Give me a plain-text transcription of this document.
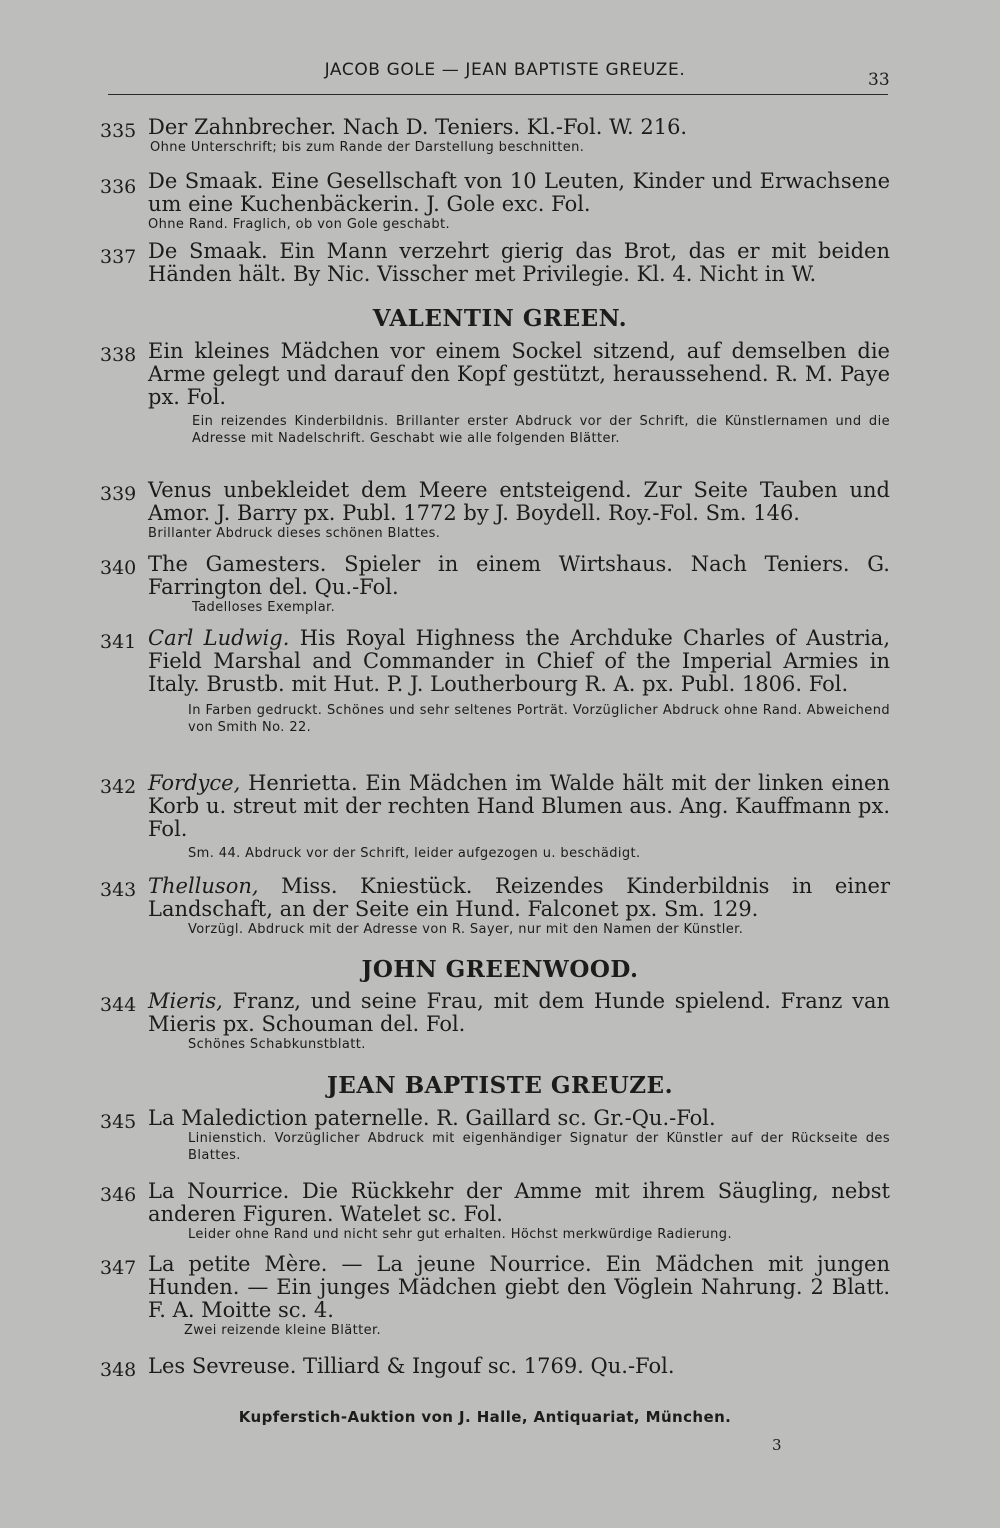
JACOB GOLE — JEAN BAPTISTE GREUZE.	33
335 Der Zahnbrecher. Nach D. Teniers. Kl.-Fol. W. 216.
Ohne Unterschrift; bis zum Rande der Darstellung beschnitten.
336 De Smaak. Eine Gesellschaft von 10 Leuten, Kinder und Erwachsene um eine Kuchenbäckerin. J. Gole exc. Fol.
Ohne Rand. Fraglich, ob von Gole geschabt.
337 De Smaak. Ein Mann verzehrt gierig das Brot, das er mit beiden Händen hält. By Nic. Visscher met Privilegie. Kl. 4. Nicht in W.
VALENTIN GREEN.
338 Ein kleines Mädchen vor einem Sockel sitzend, auf demselben die Arme gelegt und darauf den Kopf gestützt, heraussehend. R. M. Paye px. Fol.
Ein reizendes Kinderbildnis. Brillanter erster Abdruck vor der Schrift, die Künstlernamen und die Adresse mit Nadelschrift. Geschabt wie alle folgenden Blätter.
339 Venus unbekleidet dem Meere entsteigend. Zur Seite Tauben und Amor. J. Barry px. Publ. 1772 by J. Boydell. Roy.-Fol. Sm. 146.
Brillanter Abdruck dieses schönen Blattes.
340 The Gamesters. Spieler in einem Wirtshaus. Nach Teniers. G. Farrington del. Qu.-Fol.
Tadelloses Exemplar.
341 Carl Ludwig. His Royal Highness the Archduke Charles of Austria, Field Marshal and Commander in Chief of the Imperial Armies in Italy. Brustb. mit Hut. P. J. Loutherbourg R. A. px. Publ. 1806. Fol.
In Farben gedruckt. Schönes und sehr seltenes Porträt. Vorzüglicher Abdruck ohne Rand. Abweichend von Smith No. 22.
342 Fordyce, Henrietta. Ein Mädchen im Walde hält mit der linken einen Korb u. streut mit der rechten Hand Blumen aus. Ang. Kauffmann px. Fol.
Sm. 44. Abdruck vor der Schrift, leider aufgezogen u. beschädigt.
343 Thelluson, Miss. Kniestück. Reizendes Kinderbildnis in einer Landschaft, an der Seite ein Hund. Falconet px. Sm. 129.
Vorzügl. Abdruck mit der Adresse von R. Sayer, nur mit den Namen der Künstler.
JOHN GREENWOOD.
344 Mieris, Franz, und seine Frau, mit dem Hunde spielend. Franz van Mieris px. Schouman del. Fol.
Schönes Schabkunstblatt.
JEAN BAPTISTE GREUZE.
345 La Malediction paternelle. R. Gaillard sc. Gr.-Qu.-Fol.
Linienstich. Vorzüglicher Abdruck mit eigenhändiger Signatur der Künstler auf der Rückseite des Blattes.
346 La Nourrice. Die Rückkehr der Amme mit ihrem Säugling, nebst anderen Figuren. Watelet sc. Fol.
Leider ohne Rand und nicht sehr gut erhalten. Höchst merkwürdige Radierung.
347 La petite Mère. — La jeune Nourrice. Ein Mädchen mit jungen Hunden. — Ein junges Mädchen giebt den Vöglein Nahrung. 2 Blatt. F. A. Moitte sc. 4.
Zwei reizende kleine Blätter.
348 Les Sevreuse. Tilliard & Ingouf sc. 1769. Qu.-Fol.
Kupferstich-Auktion von J. Halle, Antiquariat, München.
3
